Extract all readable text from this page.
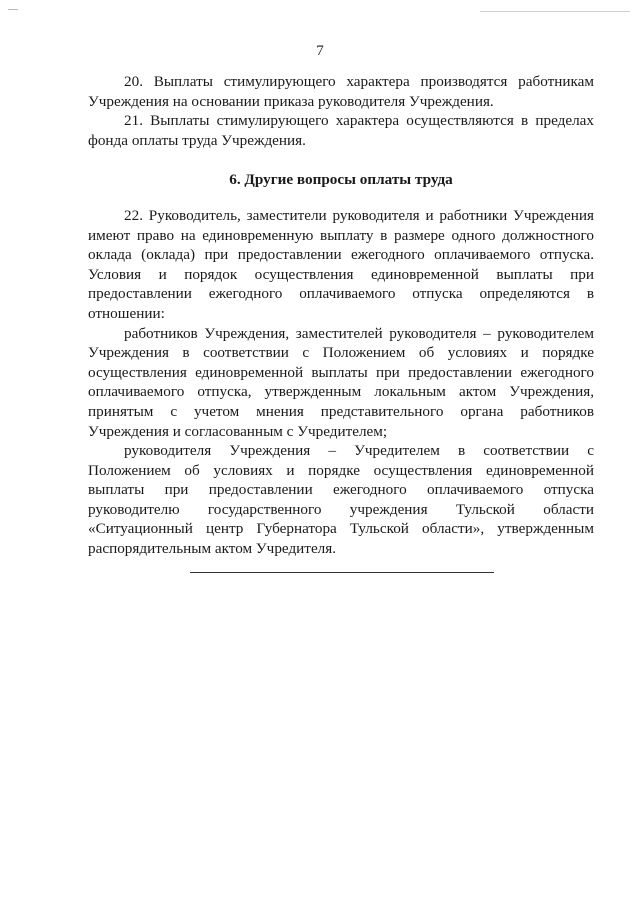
7

20. Выплаты стимулирующего характера производятся работникам Учреждения на основании приказа руководителя Учреждения.

21. Выплаты стимулирующего характера осуществляются в пределах фонда оплаты труда Учреждения.

6. Другие вопросы оплаты труда

22. Руководитель, заместители руководителя и работники Учреждения имеют право на единовременную выплату в размере одного должностного оклада (оклада) при предоставлении ежегодного оплачиваемого отпуска. Условия и порядок осуществления единовременной выплаты при предоставлении ежегодного оплачиваемого отпуска определяются в отношении:

работников Учреждения, заместителей руководителя – руководителем Учреждения в соответствии с Положением об условиях и порядке осуществления единовременной выплаты при предоставлении ежегодного оплачиваемого отпуска, утвержденным локальным актом Учреждения, принятым с учетом мнения представительного органа работников Учреждения и согласованным с Учредителем;

руководителя Учреждения – Учредителем в соответствии с Положением об условиях и порядке осуществления единовременной выплаты при предоставлении ежегодного оплачиваемого отпуска руководителю государственного учреждения Тульской области «Ситуационный центр Губернатора Тульской области», утвержденным распорядительным актом Учредителя.
